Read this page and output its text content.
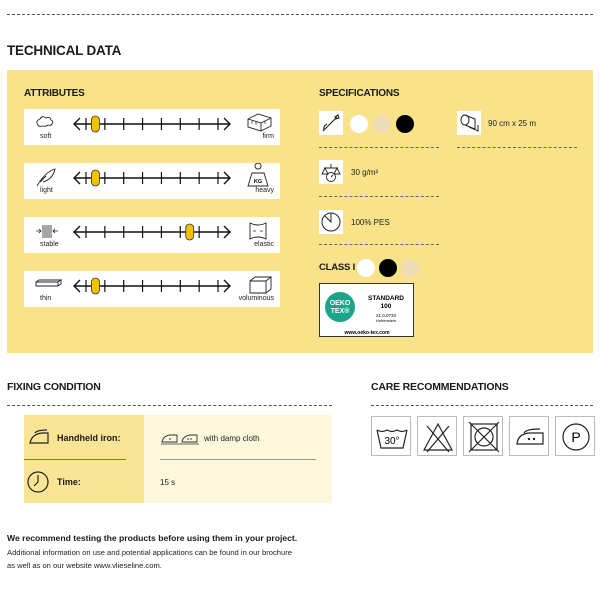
TECHNICAL DATA
ATTRIBUTES
soft	firm
KG
light	heavy
stable	elastic
thin	voluminous
SPECIFICATIONS
90 cm x 25 m
30 g/m²
100% PES
CLASS I
OEKO
TEX®
STANDARD
100
21.0.0733
Hohenstein
www.oeko-tex.com
FIXING CONDITION
Handheld iron:	with damp cloth
Time:	15 s
CARE RECOMMENDATIONS
30°	P
We recommend testing the products before using them in your project.
Additional information on use and potential applications can be found in our brochure
as well as on our website www.vlieseline.com.
